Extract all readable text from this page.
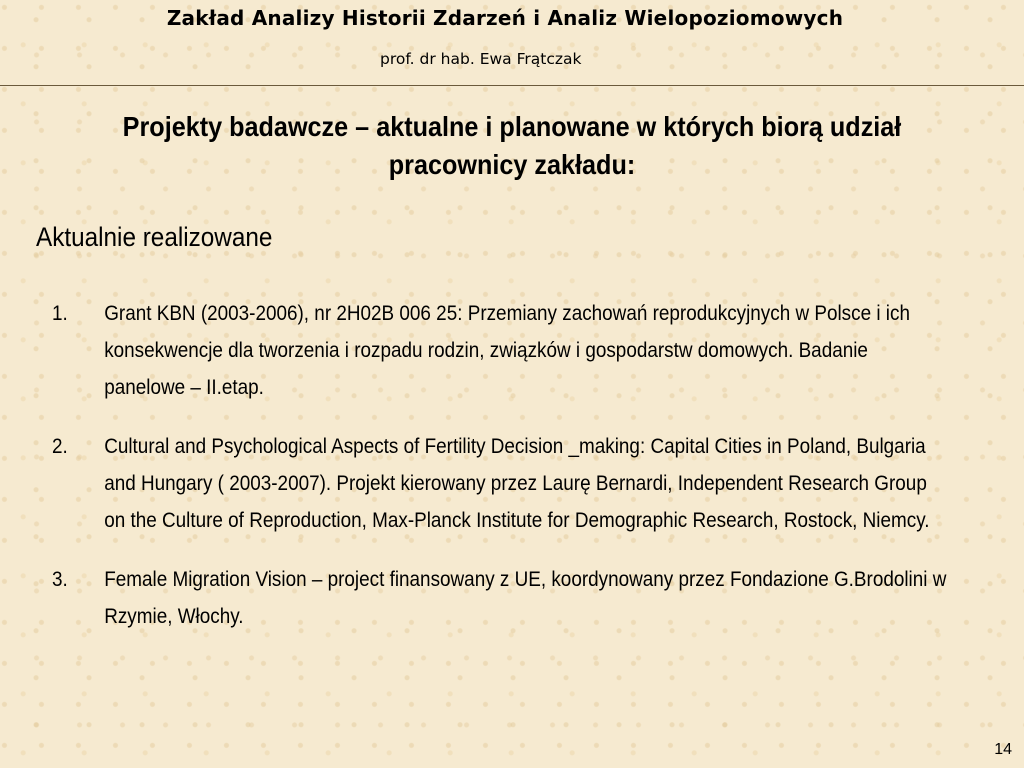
Zakład Analizy Historii Zdarzeń i Analiz Wielopoziomowych
prof. dr hab. Ewa Frątczak
Projekty badawcze – aktualne i planowane w których biorą udział pracownicy zakładu:
Aktualnie realizowane
1.	Grant KBN (2003-2006), nr 2H02B 006 25: Przemiany zachowań reprodukcyjnych w Polsce i ich konsekwencje dla tworzenia i rozpadu rodzin, związków i gospodarstw domowych. Badanie panelowe – II.etap.
2.	Cultural and Psychological Aspects of Fertility Decision _making: Capital Cities in Poland, Bulgaria and Hungary ( 2003-2007). Projekt kierowany przez Laurę Bernardi, Independent Research Group on the Culture of Reproduction, Max-Planck Institute for Demographic Research, Rostock, Niemcy.
3.	Female Migration Vision – project finansowany z UE, koordynowany przez Fondazione G.Brodolini w Rzymie, Włochy.
14
